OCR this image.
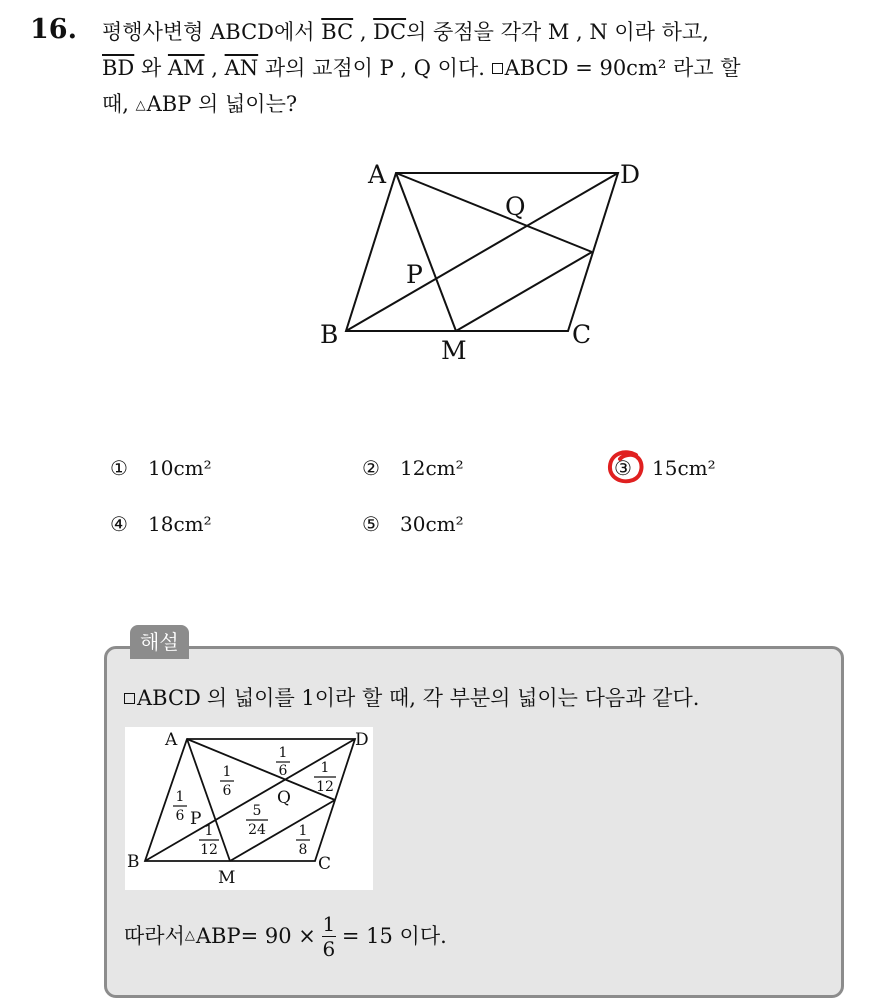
16. 평행사변형 ABCD에서 $\overline{BC}$ , $\overline{DC}$의 중점을 각각 M , N 이라 하고,
$\overline{BD}$ 와 $\overline{AM}$ , $\overline{AN}$ 과의 교점이 P , Q 이다. ABCD = 90cm² 라고 할
때, △ABP 의 넓이는?
A	D
Q
P
B
M
C
① 10cm²	② 12cm²	③ 15cm²
④ 18cm²	⑤ 30cm²
해설
ABCD 의 넓이를 1이라 할 때, 각 부분의 넓이는 다음과 같다.
A	D
B	C
M
P
Q
1
6
1
12
1
6
1
6
5
24
1
12
1
8
따라서 △ ABP = $90 \times \frac{1}{6} = 15$ 이다.
